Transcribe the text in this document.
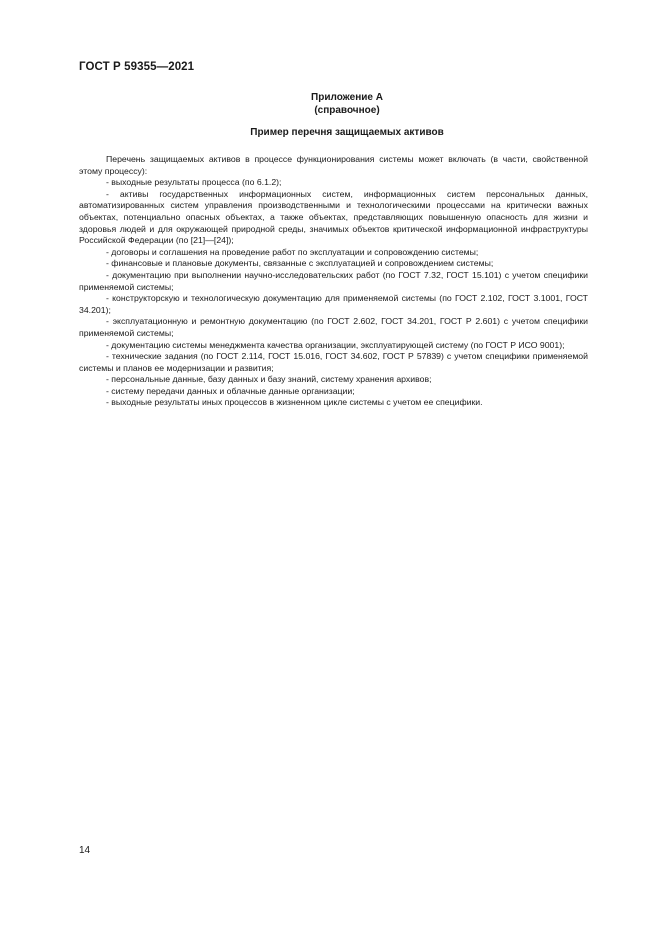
ГОСТ Р 59355—2021
Приложение А
(справочное)
Пример перечня защищаемых активов

Перечень защищаемых активов в процессе функционирования системы может включать (в части, свойственной этому процессу):

- выходные результаты процесса (по 6.1.2);

- активы государственных информационных систем, информационных систем персональных данных, автоматизированных систем управления производственными и технологическими процессами на критически важных объектах, потенциально опасных объектах, а также объектах, представляющих повышенную опасность для жизни и здоровья людей и для окружающей природной среды, значимых объектов критической информационной инфраструктуры Российской Федерации (по [21]—[24]);

- договоры и соглашения на проведение работ по эксплуатации и сопровождению системы;

- финансовые и плановые документы, связанные с эксплуатацией и сопровождением системы;

- документацию при выполнении научно-исследовательских работ (по ГОСТ 7.32, ГОСТ 15.101) с учетом специфики применяемой системы;

- конструкторскую и технологическую документацию для применяемой системы (по ГОСТ 2.102, ГОСТ 3.1001, ГОСТ 34.201);

- эксплуатационную и ремонтную документацию (по ГОСТ 2.602, ГОСТ 34.201, ГОСТ Р 2.601) с учетом специфики применяемой системы;

- документацию системы менеджмента качества организации, эксплуатирующей систему (по ГОСТ Р ИСО 9001);

- технические задания (по ГОСТ 2.114, ГОСТ 15.016, ГОСТ 34.602, ГОСТ Р 57839) с учетом специфики применяемой системы и планов ее модернизации и развития;

- персональные данные, базу данных и базу знаний, систему хранения архивов;

- систему передачи данных и облачные данные организации;

- выходные результаты иных процессов в жизненном цикле системы с учетом ее специфики.

14
